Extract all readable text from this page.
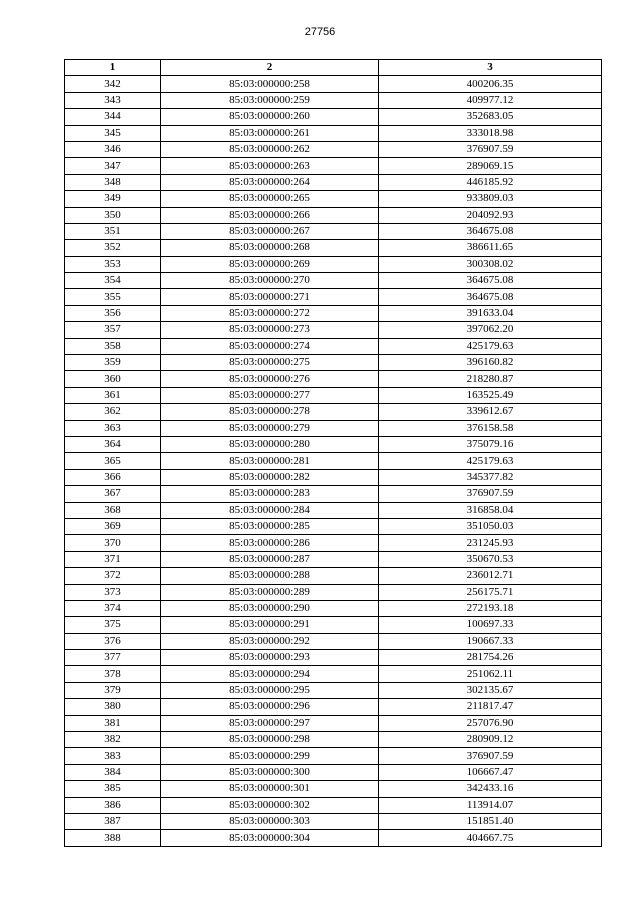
27756
1	2	3
342	85:03:000000:258	400206.35
343	85:03:000000:259	409977.12
344	85:03:000000:260	352683.05
345	85:03:000000:261	333018.98
346	85:03:000000:262	376907.59
347	85:03:000000:263	289069.15
348	85:03:000000:264	446185.92
349	85:03:000000:265	933809.03
350	85:03:000000:266	204092.93
351	85:03:000000:267	364675.08
352	85:03:000000:268	386611.65
353	85:03:000000:269	300308.02
354	85:03:000000:270	364675.08
355	85:03:000000:271	364675.08
356	85:03:000000:272	391633.04
357	85:03:000000:273	397062.20
358	85:03:000000:274	425179.63
359	85:03:000000:275	396160.82
360	85:03:000000:276	218280.87
361	85:03:000000:277	163525.49
362	85:03:000000:278	339612.67
363	85:03:000000:279	376158.58
364	85:03:000000:280	375079.16
365	85:03:000000:281	425179.63
366	85:03:000000:282	345377.82
367	85:03:000000:283	376907.59
368	85:03:000000:284	316858.04
369	85:03:000000:285	351050.03
370	85:03:000000:286	231245.93
371	85:03:000000:287	350670.53
372	85:03:000000:288	236012.71
373	85:03:000000:289	256175.71
374	85:03:000000:290	272193.18
375	85:03:000000:291	100697.33
376	85:03:000000:292	190667.33
377	85:03:000000:293	281754.26
378	85:03:000000:294	251062.11
379	85:03:000000:295	302135.67
380	85:03:000000:296	211817.47
381	85:03:000000:297	257076.90
382	85:03:000000:298	280909.12
383	85:03:000000:299	376907.59
384	85:03:000000:300	106667.47
385	85:03:000000:301	342433.16
386	85:03:000000:302	113914.07
387	85:03:000000:303	151851.40
388	85:03:000000:304	404667.75
